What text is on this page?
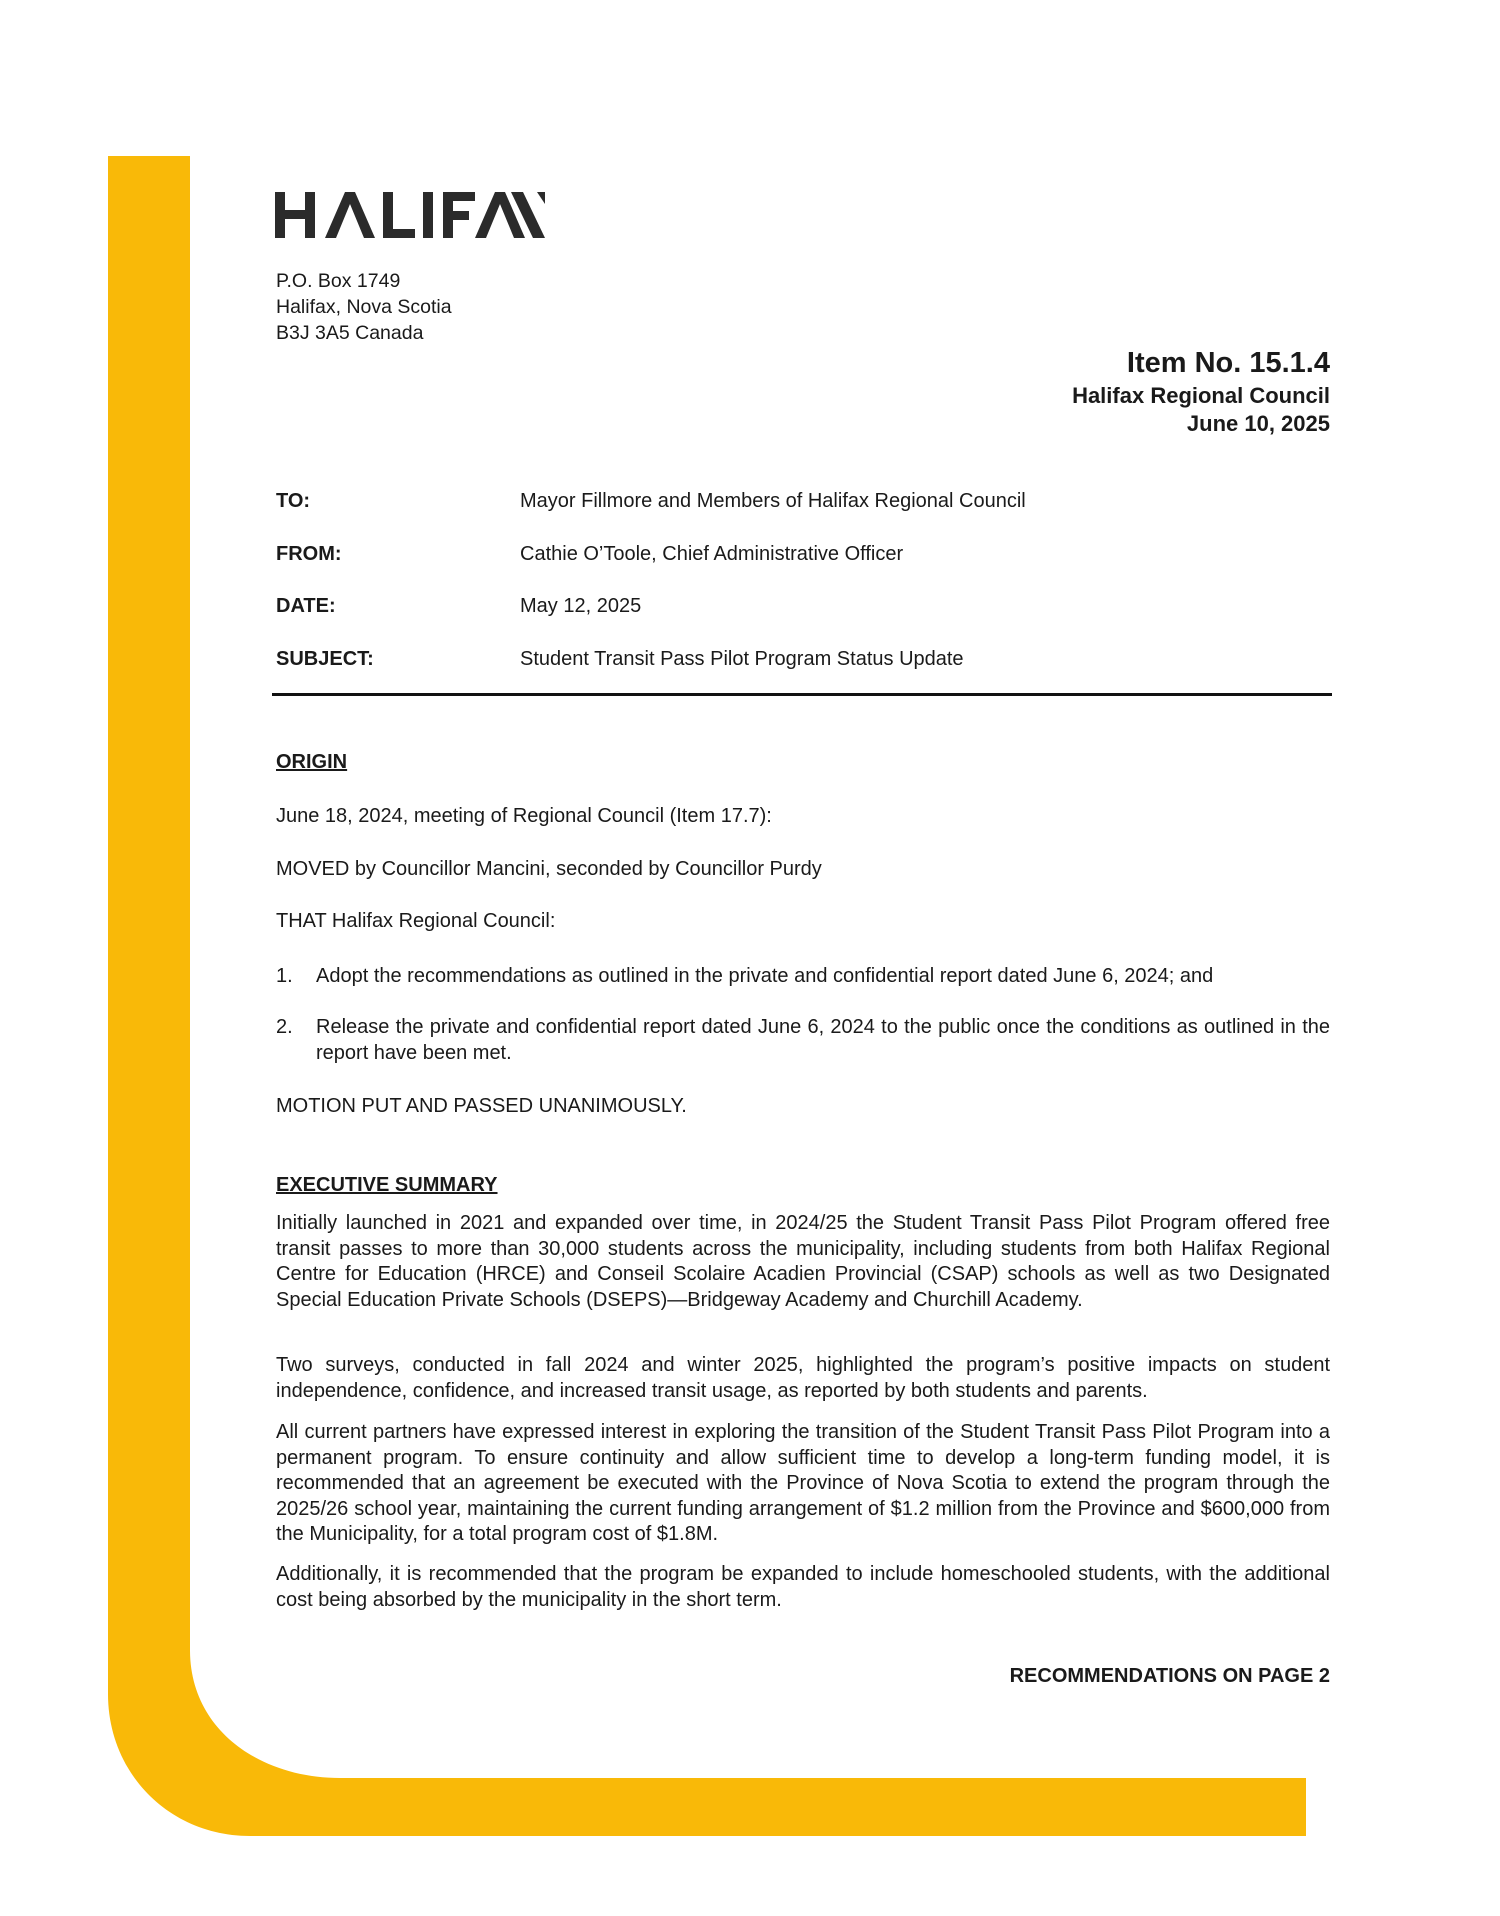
P.O. Box 1749
Halifax, Nova Scotia
B3J 3A5 Canada
Item No. 15.1.4
Halifax Regional Council
June 10, 2025
TO:	Mayor Fillmore and Members of Halifax Regional Council
FROM:	Cathie O’Toole, Chief Administrative Officer
DATE:	May 12, 2025
SUBJECT:	Student Transit Pass Pilot Program Status Update
ORIGIN
June 18, 2024, meeting of Regional Council (Item 17.7):
MOVED by Councillor Mancini, seconded by Councillor Purdy
THAT Halifax Regional Council:
1. Adopt the recommendations as outlined in the private and confidential report dated June 6, 2024; and
2. Release the private and confidential report dated June 6, 2024 to the public once the conditions as outlined in the report have been met.
MOTION PUT AND PASSED UNANIMOUSLY.
EXECUTIVE SUMMARY
Initially launched in 2021 and expanded over time, in 2024/25 the Student Transit Pass Pilot Program offered free transit passes to more than 30,000 students across the municipality, including students from both Halifax Regional Centre for Education (HRCE) and Conseil Scolaire Acadien Provincial (CSAP) schools as well as two Designated Special Education Private Schools (DSEPS)—Bridgeway Academy and Churchill Academy.
Two surveys, conducted in fall 2024 and winter 2025, highlighted the program’s positive impacts on student independence, confidence, and increased transit usage, as reported by both students and parents.
All current partners have expressed interest in exploring the transition of the Student Transit Pass Pilot Program into a permanent program. To ensure continuity and allow sufficient time to develop a long-term funding model, it is recommended that an agreement be executed with the Province of Nova Scotia to extend the program through the 2025/26 school year, maintaining the current funding arrangement of $1.2 million from the Province and $600,000 from the Municipality, for a total program cost of $1.8M.
Additionally, it is recommended that the program be expanded to include homeschooled students, with the additional cost being absorbed by the municipality in the short term.
RECOMMENDATIONS ON PAGE 2
